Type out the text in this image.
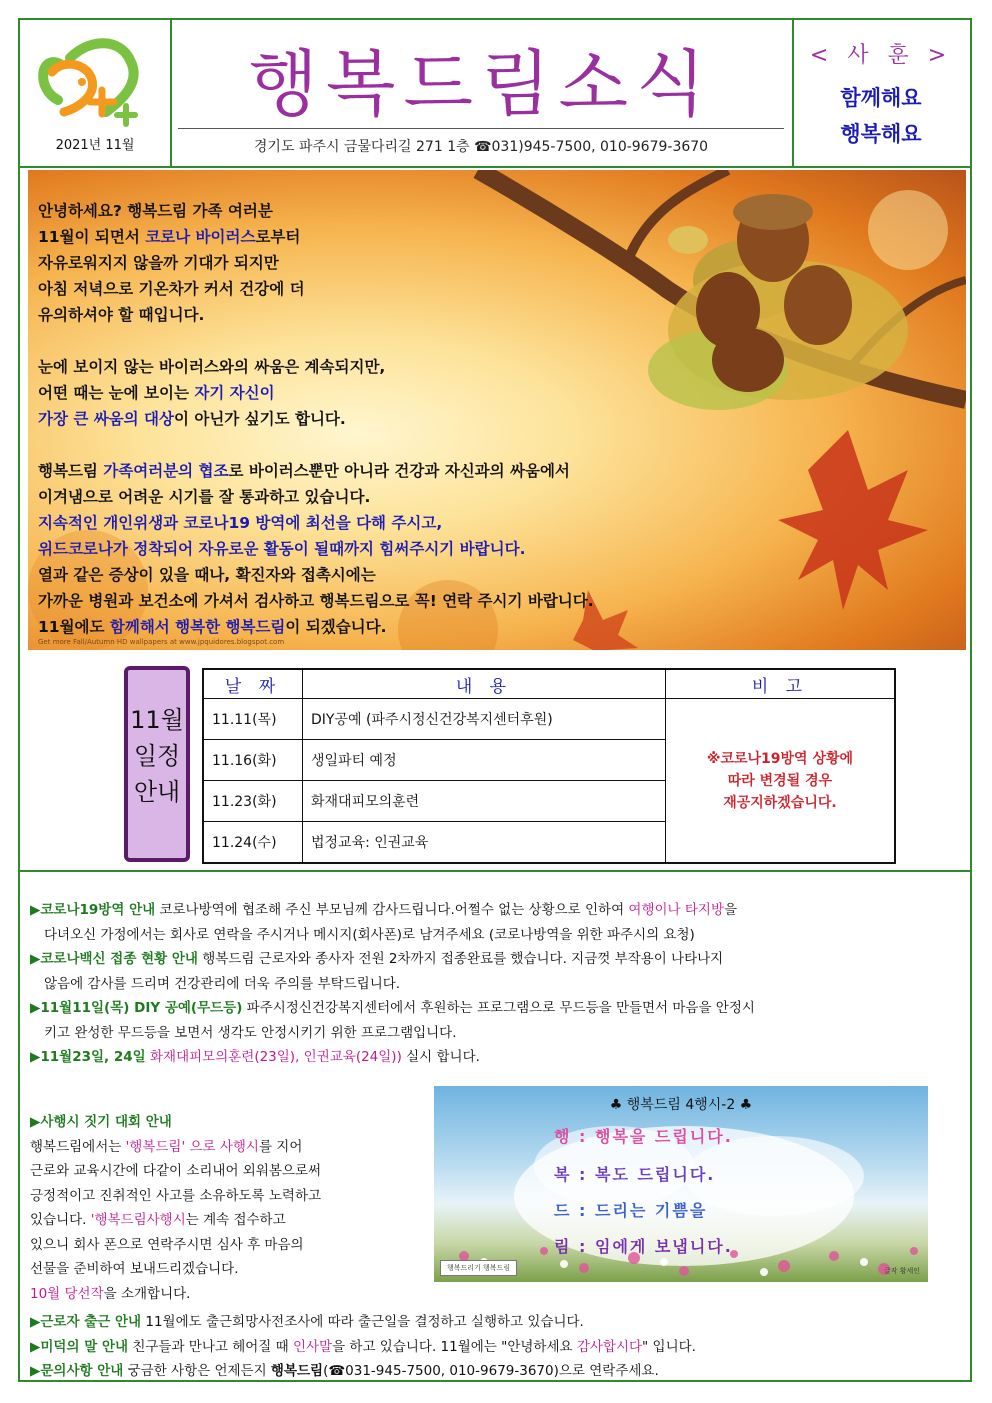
2021년 11월
행복드림소식
경기도 파주시 금물다리길 271 1층 ☎031)945-7500, 010-9679-3670
< 사 훈 >
함께해요
행복해요
안녕하세요? 행복드림 가족 여러분
11월이 되면서 코로나 바이러스로부터
자유로워지지 않을까 기대가 되지만
아침 저녁으로 기온차가 커서 건강에 더
유의하셔야 할 때입니다.
눈에 보이지 않는 바이러스와의 싸움은 계속되지만,
어떤 때는 눈에 보이는 자기 자신이
가장 큰 싸움의 대상이 아닌가 싶기도 합니다.
행복드림 가족여러분의 협조로 바이러스뿐만 아니라 건강과 자신과의 싸움에서
이겨냄으로 어려운 시기를 잘 통과하고 있습니다.
지속적인 개인위생과 코로나19 방역에 최선을 다해 주시고,
위드코로나가 정착되어 자유로운 활동이 될때까지 힘써주시기 바랍니다.
열과 같은 증상이 있을 때나, 확진자와 접촉시에는
가까운 병원과 보건소에 가셔서 검사하고 행복드림으로 꼭! 연락 주시기 바랍니다.
11월에도 함께해서 행복한 행복드림이 되겠습니다.
Get more Fall/Autumn HD wallpapers at www.jpquidores.blogspot.com
11월
일정
안내
날 짜	내 용	비 고
11.11(목)	DIY공예 (파주시정신건강복지센터후원)	※코로나19방역 상황에
따라 변경될 경우
재공지하겠습니다.

11.16(화)	생일파티 예정	
11.23(화)	화재대피모의훈련	
11.24(수)	법정교육: 인권교육	

▶코로나19방역 안내 코로나방역에 협조해 주신 부모님께 감사드립니다.어쩔수 없는 상황으로 인하여 여행이나 타지방을

다녀오신 가정에서는 회사로 연락을 주시거나 메시지(회사폰)로 남겨주세요 (코로나방역을 위한 파주시의 요청)

▶코로나백신 접종 현황 안내 행복드림 근로자와 종사자 전원 2차까지 접종완료를 했습니다. 지금껏 부작용이 나타나지

않음에 감사를 드리며 건강관리에 더욱 주의를 부탁드립니다.

▶11월11일(목) DIY 공예(무드등) 파주시정신건강복지센터에서 후원하는 프로그램으로 무드등을 만들면서 마음을 안정시

키고 완성한 무드등을 보면서 생각도 안정시키기 위한 프로그램입니다.

▶11월23일, 24일 화재대피모의훈련(23일), 인권교육(24일)) 실시 합니다.

▶사행시 짓기 대회 안내

행복드림에서는 '행복드림' 으로 사행시를 지어

근로와 교육시간에 다같이 소리내어 외워봄으로써

긍정적이고 진취적인 사고를 소유하도록 노력하고

있습니다. '행복드림사행시는 계속 접수하고

있으니 회사 폰으로 연락주시면 심사 후 마음의

선물을 준비하여 보내드리겠습니다.

10월 당선작을 소개합니다.

♣ 행복드림 4행시-2 ♣
행 : 행복을 드립니다.
복 : 복도 드립니다.
드 : 드리는 기쁨을
림 : 임에게 보냅니다.
행복드리기 행복드림	글작 황세인

▶근로자 출근 안내 11월에도 출근희망사전조사에 따라 출근일을 결정하고 실행하고 있습니다.

▶미덕의 말 안내 친구들과 만나고 헤어질 때 인사말을 하고 있습니다. 11월에는 "안녕하세요 감사합시다" 입니다.

▶문의사항 안내 궁금한 사항은 언제든지 행복드림(☎031-945-7500, 010-9679-3670)으로 연락주세요.
